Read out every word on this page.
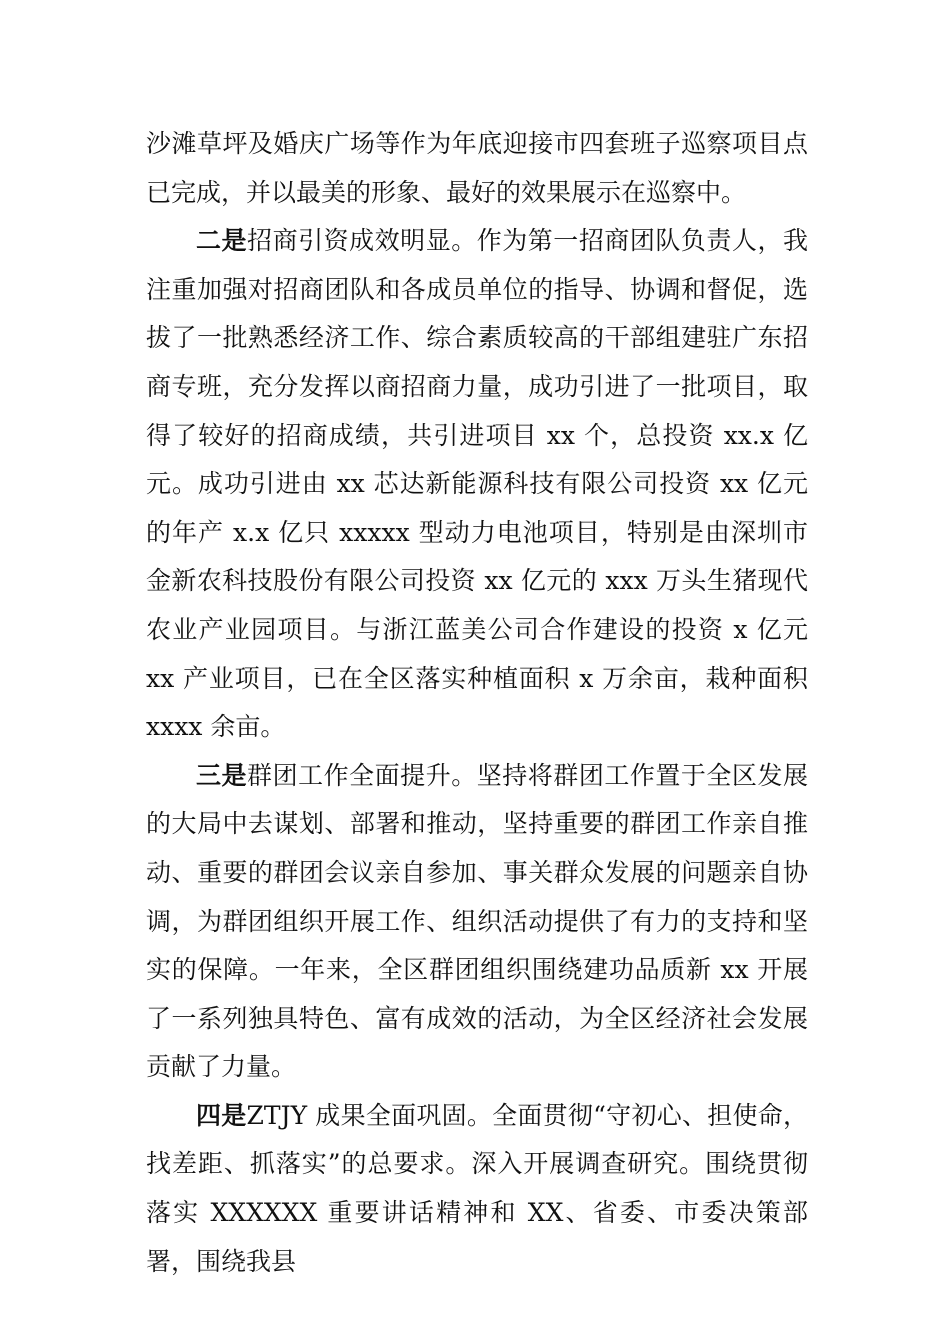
沙滩草坪及婚庆广场等作为年底迎接市四套班子巡察项目点已完成，并以最美的形象、最好的效果展示在巡察中。

二是招商引资成效明显。作为第一招商团队负责人，我注重加强对招商团队和各成员单位的指导、协调和督促，选拔了一批熟悉经济工作、综合素质较高的干部组建驻广东招商专班，充分发挥以商招商力量，成功引进了一批项目，取得了较好的招商成绩，共引进项目 xx 个，总投资 xx.x 亿元。成功引进由 xx 芯达新能源科技有限公司投资 xx 亿元的年产 x.x 亿只 xxxxx 型动力电池项目，特别是由深圳市金新农科技股份有限公司投资 xx 亿元的 xxx 万头生猪现代农业产业园项目。与浙江蓝美公司合作建设的投资 x 亿元 xx 产业项目，已在全区落实种植面积 x 万余亩，栽种面积 xxxx 余亩。

三是群团工作全面提升。坚持将群团工作置于全区发展的大局中去谋划、部署和推动，坚持重要的群团工作亲自推动、重要的群团会议亲自参加、事关群众发展的问题亲自协调，为群团组织开展工作、组织活动提供了有力的支持和坚实的保障。一年来，全区群团组织围绕建功品质新 xx 开展了一系列独具特色、富有成效的活动，为全区经济社会发展贡献了力量。

四是ZTJY 成果全面巩固。全面贯彻“守初心、担使命，找差距、抓落实”的总要求。深入开展调查研究。围绕贯彻落实 XXXXXX 重要讲话精神和 XX、省委、市委决策部署，围绕我县
